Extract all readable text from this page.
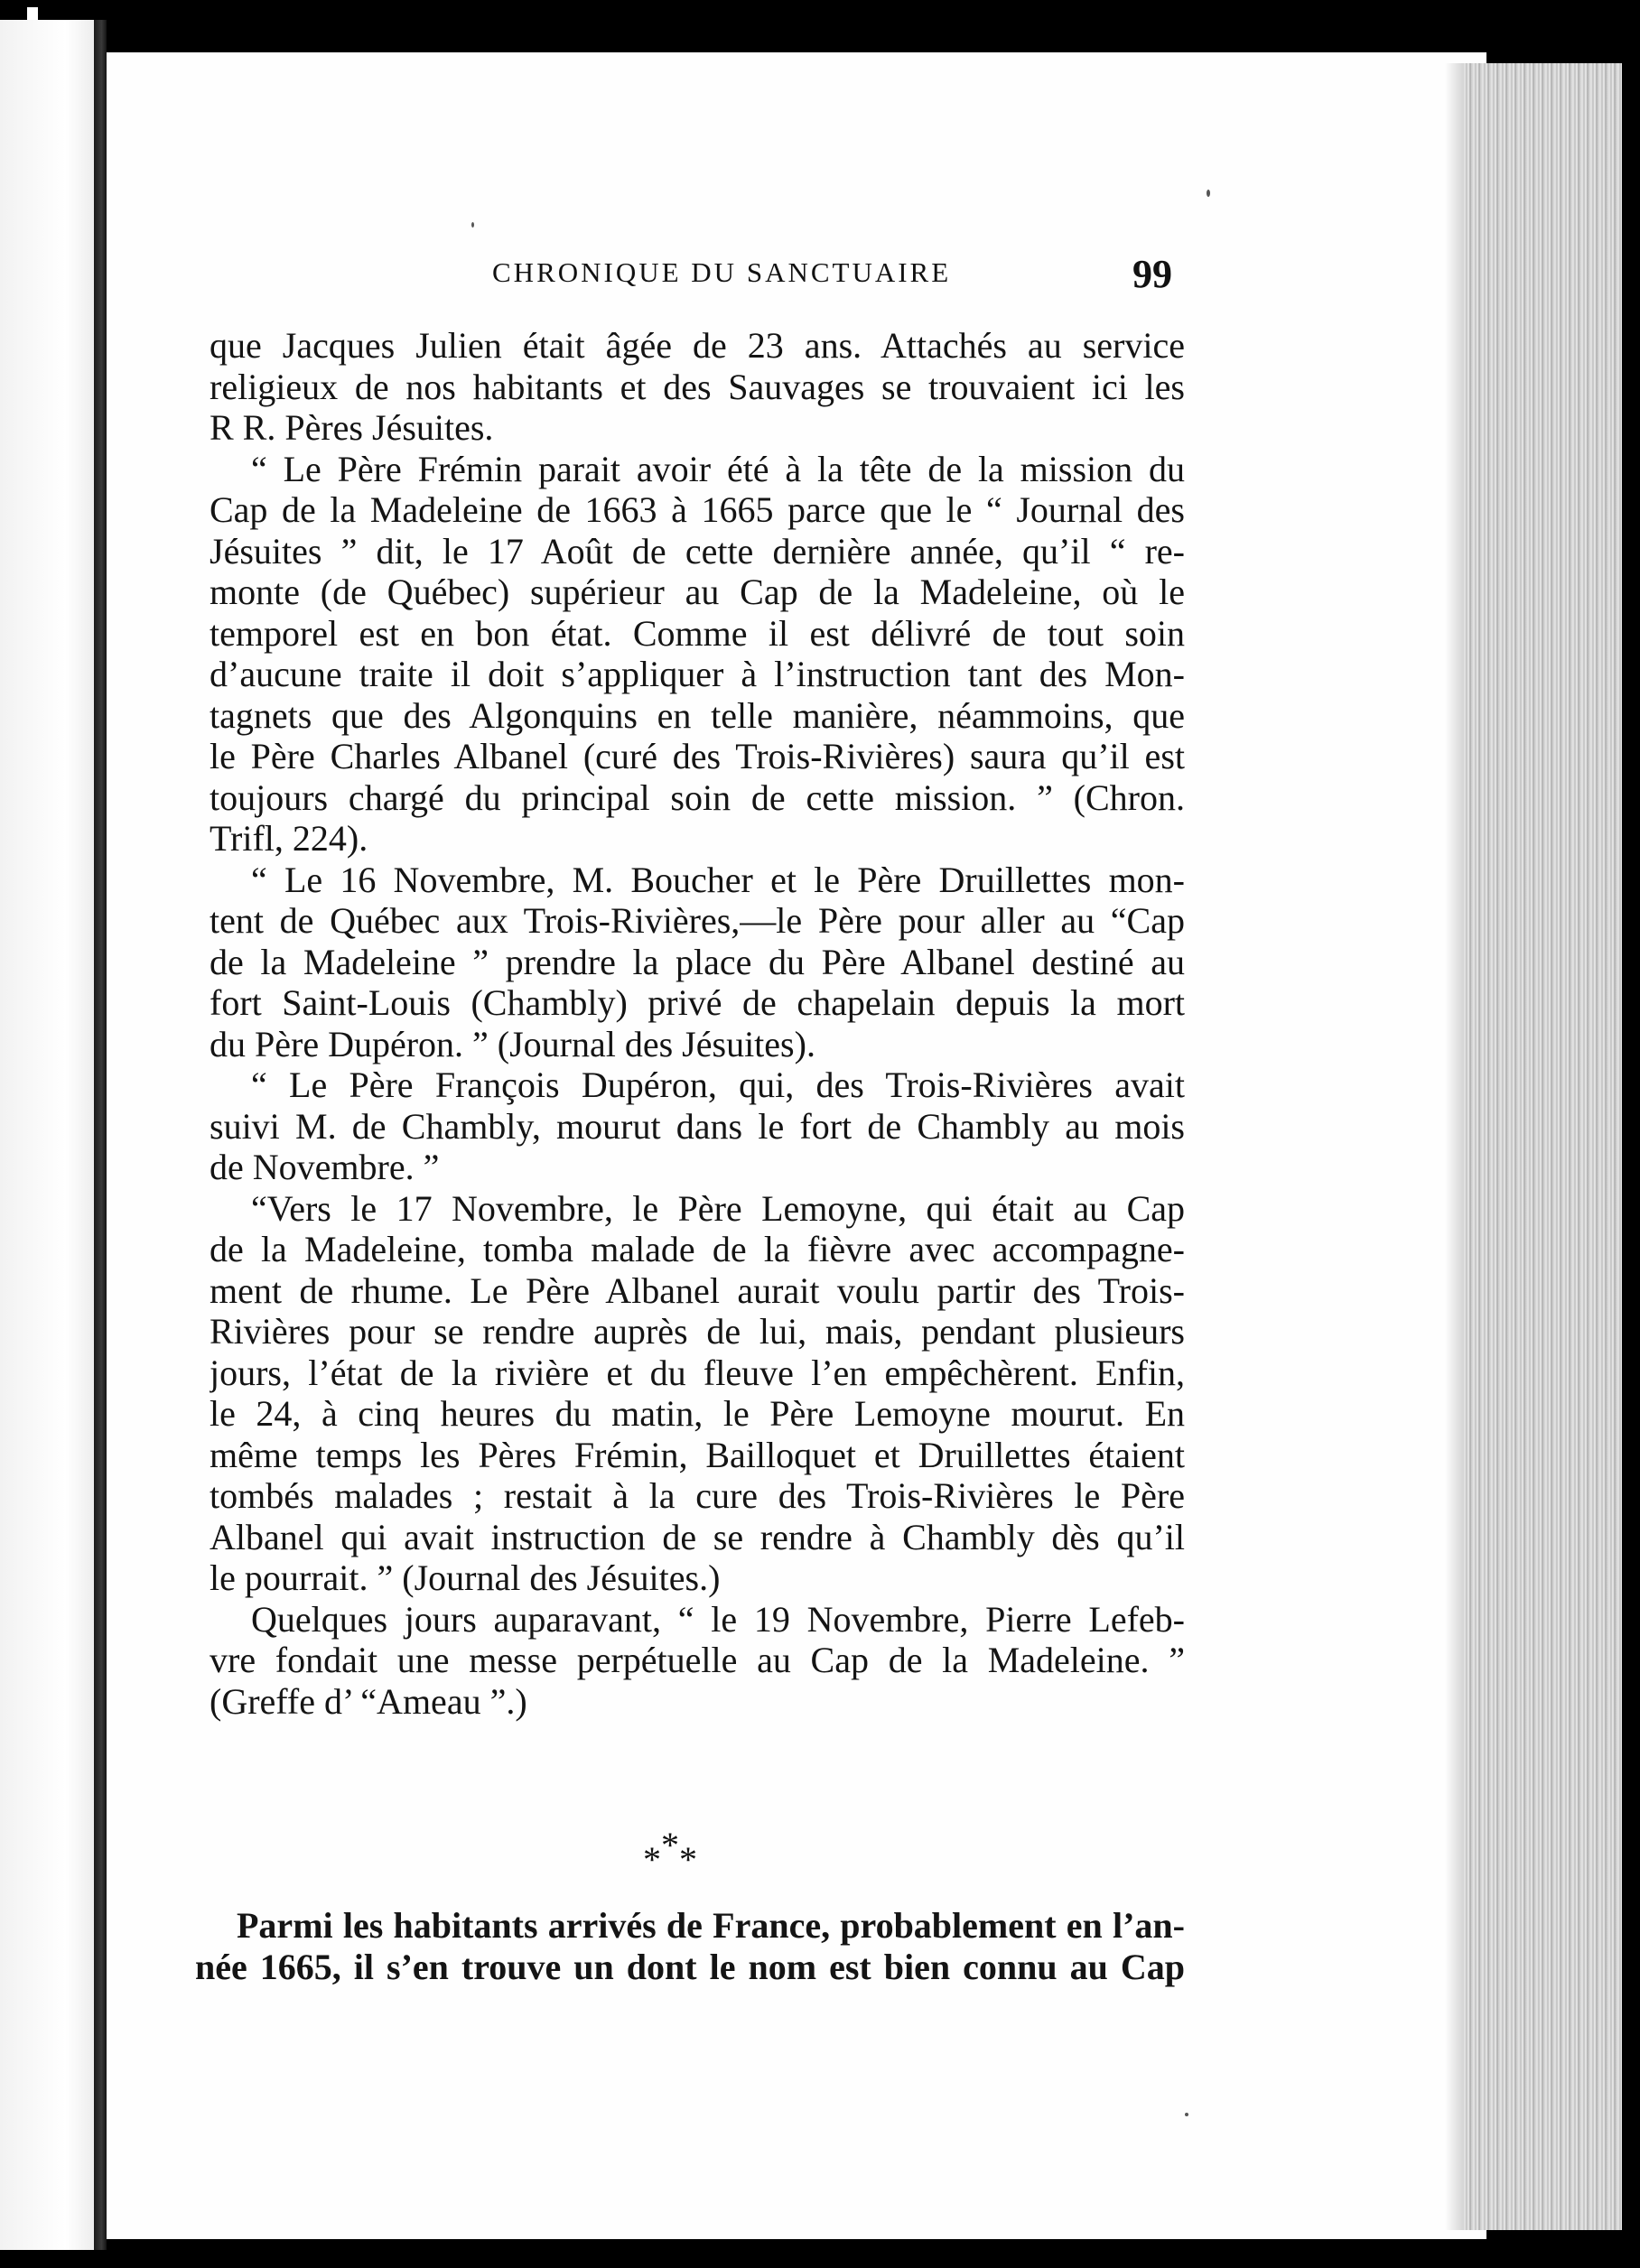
CHRONIQUE DU SANCTUAIRE	99
que Jacques Julien était âgée de 23 ans. Attachés au service
religieux de nos habitants et des Sauvages se trouvaient ici les
R R. Pères Jésuites.
“ Le Père Frémin parait avoir été à la tête de la mission du
Cap de la Madeleine de 1663 à 1665 parce que le “ Journal des
Jésuites ” dit, le 17 Août de cette dernière année, qu’il “ re-
monte (de Québec) supérieur au Cap de la Madeleine, où le
temporel est en bon état. Comme il est délivré de tout soin
d’aucune traite il doit s’appliquer à l’instruction tant des Mon-
tagnets que des Algonquins en telle manière, néammoins, que
le Père Charles Albanel (curé des Trois-Rivières) saura qu’il est
toujours chargé du principal soin de cette mission. ” (Chron.
Trifl, 224).
“ Le 16 Novembre, M. Boucher et le Père Druillettes mon-
tent de Québec aux Trois-Rivières,—le Père pour aller au “Cap
de la Madeleine ” prendre la place du Père Albanel destiné au
fort Saint-Louis (Chambly) privé de chapelain depuis la mort
du Père Dupéron. ” (Journal des Jésuites).
“ Le Père François Dupéron, qui, des Trois-Rivières avait
suivi M. de Chambly, mourut dans le fort de Chambly au mois
de Novembre. ”
“Vers le 17 Novembre, le Père Lemoyne, qui était au Cap
de la Madeleine, tomba malade de la fièvre avec accompagne-
ment de rhume. Le Père Albanel aurait voulu partir des Trois-
Rivières pour se rendre auprès de lui, mais, pendant plusieurs
jours, l’état de la rivière et du fleuve l’en empêchèrent. Enfin,
le 24, à cinq heures du matin, le Père Lemoyne mourut. En
même temps les Pères Frémin, Bailloquet et Druillettes étaient
tombés malades ; restait à la cure des Trois-Rivières le Père
Albanel qui avait instruction de se rendre à Chambly dès qu’il
le pourrait. ” (Journal des Jésuites.)
Quelques jours auparavant, “ le 19 Novembre, Pierre Lefeb-
vre fondait une messe perpétuelle au Cap de la Madeleine. ”
(Greffe d’ “Ameau ”.)
* * *
Parmi les habitants arrivés de France, probablement en l’an-
née 1665, il s’en trouve un dont le nom est bien connu au Cap
